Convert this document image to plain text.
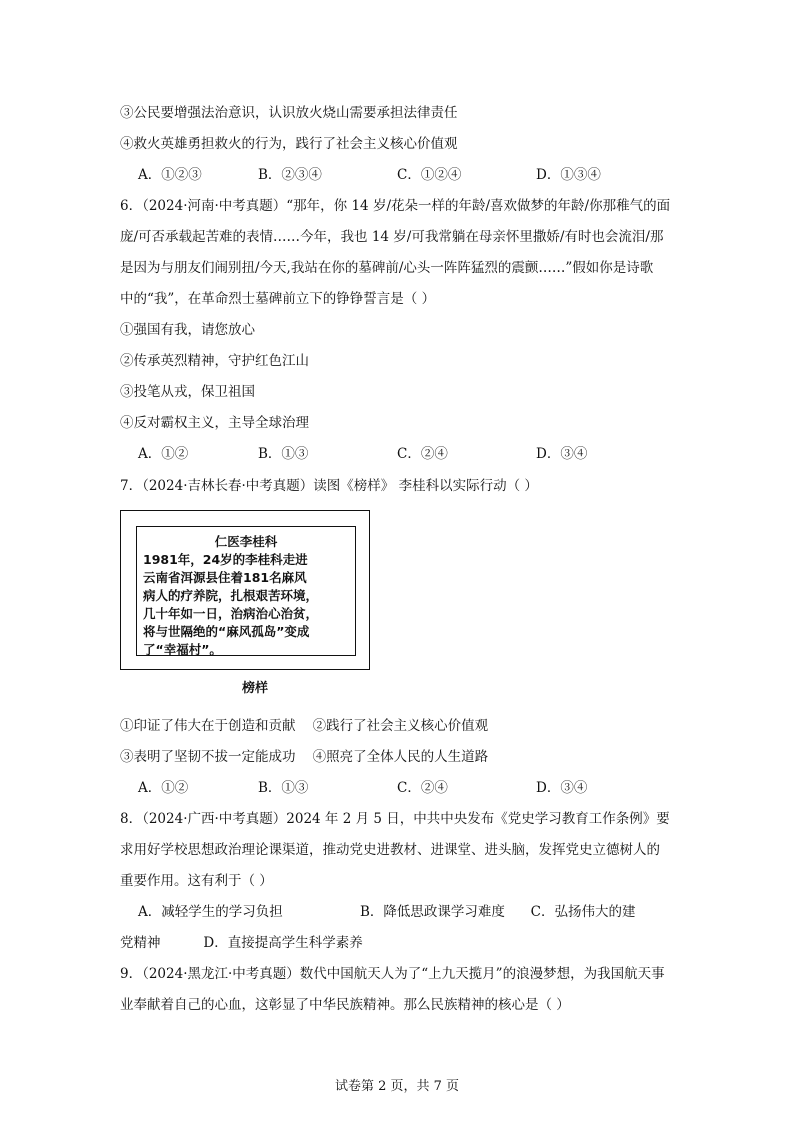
③公民要增强法治意识，认识放火烧山需要承担法律责任
④救火英雄勇担救火的行为，践行了社会主义核心价值观
A．①②③	B．②③④	C．①②④	D．①③④
6．（2024·河南·中考真题）“那年，你 14 岁/花朵一样的年龄/喜欢做梦的年龄/你那稚气的面
庞/可否承载起苦难的表情……今年，我也 14 岁/可我常躺在母亲怀里撒娇/有时也会流泪/那
是因为与朋友们闹别扭/今天,我站在你的墓碑前/心头一阵阵猛烈的震颤……”假如你是诗歌
中的“我”，在革命烈士墓碑前立下的铮铮誓言是（ ）
①强国有我，请您放心
②传承英烈精神，守护红色江山
③投笔从戎，保卫祖国
④反对霸权主义，主导全球治理
A．①②	B．①③	C．②④	D．③④
7．（2024·吉林长春·中考真题）读图《榜样》 李桂科以实际行动（ ）
仁医李桂科
1981年，24岁的李桂科走进
云南省洱源县住着181名麻风
病人的疗养院，扎根艰苦环境，
几十年如一日，治病治心治贫，
将与世隔绝的“麻风孤岛”变成
了“幸福村”。
榜样
①印证了伟大在于创造和贡献    ②践行了社会主义核心价值观
③表明了坚韧不拔一定能成功    ④照亮了全体人民的人生道路
A．①②	B．①③	C．②④	D．③④
8．（2024·广西·中考真题）2024 年 2 月 5 日，中共中央发布《党史学习教育工作条例》要
求用好学校思想政治理论课渠道，推动党史进教材、进课堂、进头脑，发挥党史立德树人的
重要作用。这有利于（ ）
A．减轻学生的学习负担                  B．降低思政课学习难度      C．弘扬伟大的建
党精神          D．直接提高学生科学素养
9．（2024·黑龙江·中考真题）数代中国航天人为了“上九天揽月”的浪漫梦想，为我国航天事
业奉献着自己的心血，这彰显了中华民族精神。那么民族精神的核心是（ ）
试卷第 2 页，共 7 页
